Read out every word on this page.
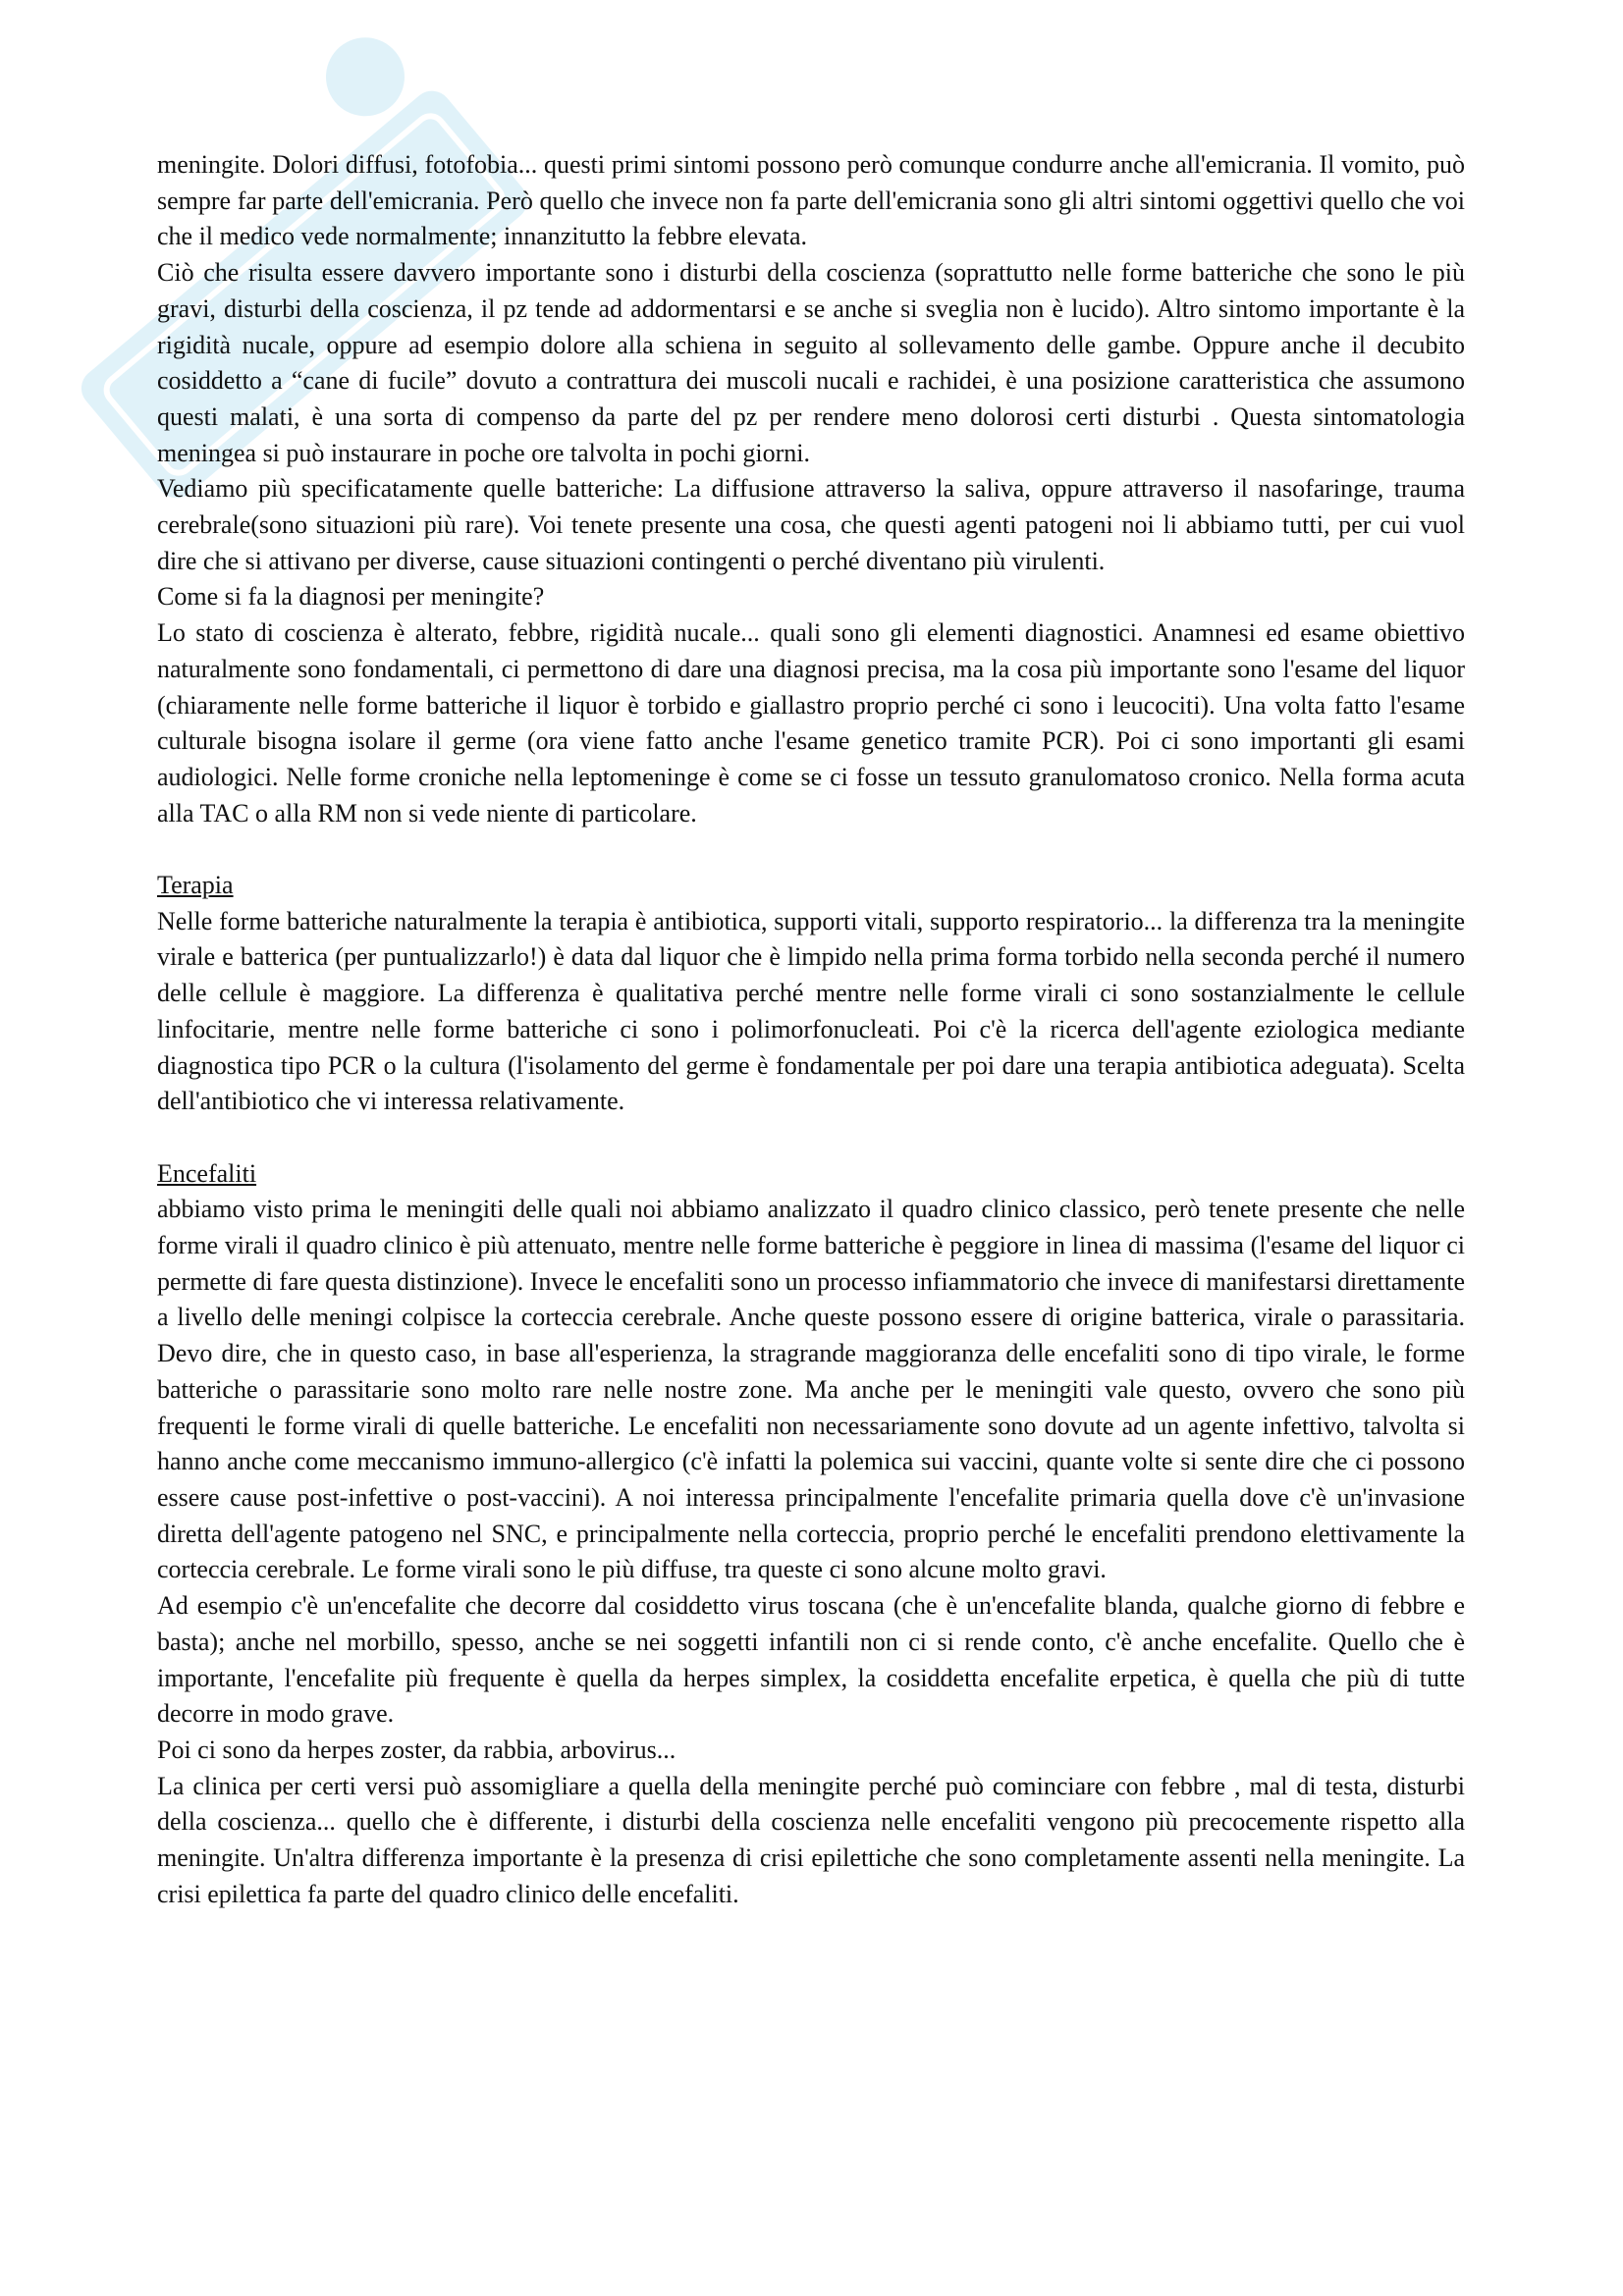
meningite. Dolori diffusi, fotofobia... questi primi sintomi possono però comunque condurre anche all'emicrania. Il vomito, può sempre far parte dell'emicrania. Però quello che invece non fa parte dell'emicrania sono gli altri sintomi oggettivi quello che voi che il medico vede normalmente; innanzitutto la febbre elevata.

Ciò che risulta essere davvero importante sono i disturbi della coscienza (soprattutto nelle forme batteriche che sono le più gravi, disturbi della coscienza, il pz tende ad addormentarsi e se anche si sveglia non è lucido). Altro sintomo importante è la rigidità nucale, oppure ad esempio dolore alla schiena in seguito al sollevamento delle gambe. Oppure anche il decubito cosiddetto a “cane di fucile” dovuto a contrattura dei muscoli nucali e rachidei, è una posizione caratteristica che assumono questi malati, è una sorta di compenso da parte del pz per rendere meno dolorosi certi disturbi . Questa sintomatologia meningea si può instaurare in poche ore talvolta in pochi giorni.

Vediamo più specificatamente quelle batteriche: La diffusione attraverso la saliva, oppure attraverso il nasofaringe, trauma cerebrale(sono situazioni più rare). Voi tenete presente una cosa, che questi agenti patogeni noi li abbiamo tutti, per cui vuol dire che si attivano per diverse, cause situazioni contingenti o perché diventano più virulenti.

Come si fa la diagnosi per meningite?

Lo stato di coscienza è alterato, febbre, rigidità nucale... quali sono gli elementi diagnostici. Anamnesi ed esame obiettivo naturalmente sono fondamentali, ci permettono di dare una diagnosi precisa, ma la cosa più importante sono l'esame del liquor (chiaramente nelle forme batteriche il liquor è torbido e giallastro proprio perché ci sono i leucociti). Una volta fatto l'esame culturale bisogna isolare il germe (ora viene fatto anche l'esame genetico tramite PCR). Poi ci sono importanti gli esami audiologici. Nelle forme croniche nella leptomeninge è come se ci fosse un tessuto granulomatoso cronico. Nella forma acuta alla TAC o alla RM non si vede niente di particolare.

Terapia

Nelle forme batteriche naturalmente la terapia è antibiotica, supporti vitali, supporto respiratorio... la differenza tra la meningite virale e batterica (per puntualizzarlo!) è data dal liquor che è limpido nella prima forma torbido nella seconda perché il numero delle cellule è maggiore. La differenza è qualitativa perché mentre nelle forme virali ci sono sostanzialmente le cellule linfocitarie, mentre nelle forme batteriche ci sono i polimorfonucleati. Poi c'è la ricerca dell'agente eziologica mediante diagnostica tipo PCR o la cultura (l'isolamento del germe è fondamentale per poi dare una terapia antibiotica adeguata). Scelta dell'antibiotico che vi interessa relativamente.

Encefaliti

abbiamo visto prima le meningiti delle quali noi abbiamo analizzato il quadro clinico classico, però tenete presente che nelle forme virali il quadro clinico è più attenuato, mentre nelle forme batteriche è peggiore in linea di massima (l'esame del liquor ci permette di fare questa distinzione). Invece le encefaliti sono un processo infiammatorio che invece di manifestarsi direttamente a livello delle meningi colpisce la corteccia cerebrale. Anche queste possono essere di origine batterica, virale o parassitaria. Devo dire, che in questo caso, in base all'esperienza, la stragrande maggioranza delle encefaliti sono di tipo virale, le forme batteriche o parassitarie sono molto rare nelle nostre zone. Ma anche per le meningiti vale questo, ovvero che sono più frequenti le forme virali di quelle batteriche. Le encefaliti non necessariamente sono dovute ad un agente infettivo, talvolta si hanno anche come meccanismo immuno-allergico (c'è infatti la polemica sui vaccini, quante volte si sente dire che ci possono essere cause post-infettive o post-vaccini). A noi interessa principalmente l'encefalite primaria quella dove c'è un'invasione diretta dell'agente patogeno nel SNC, e principalmente nella corteccia, proprio perché le encefaliti prendono elettivamente la corteccia cerebrale. Le forme virali sono le più diffuse, tra queste ci sono alcune molto gravi.

Ad esempio c'è un'encefalite che decorre dal cosiddetto virus toscana (che è un'encefalite blanda, qualche giorno di febbre e basta); anche nel morbillo, spesso, anche se nei soggetti infantili non ci si rende conto, c'è anche encefalite. Quello che è importante, l'encefalite più frequente è quella da herpes simplex, la cosiddetta encefalite erpetica, è quella che più di tutte decorre in modo grave.

Poi ci sono da herpes zoster, da rabbia, arbovirus...

La clinica per certi versi può assomigliare a quella della meningite perché può cominciare con febbre , mal di testa, disturbi della coscienza... quello che è differente, i disturbi della coscienza nelle encefaliti vengono più precocemente rispetto alla meningite. Un'altra differenza importante è la presenza di crisi epilettiche che sono completamente assenti nella meningite. La crisi epilettica fa parte del quadro clinico delle encefaliti.
